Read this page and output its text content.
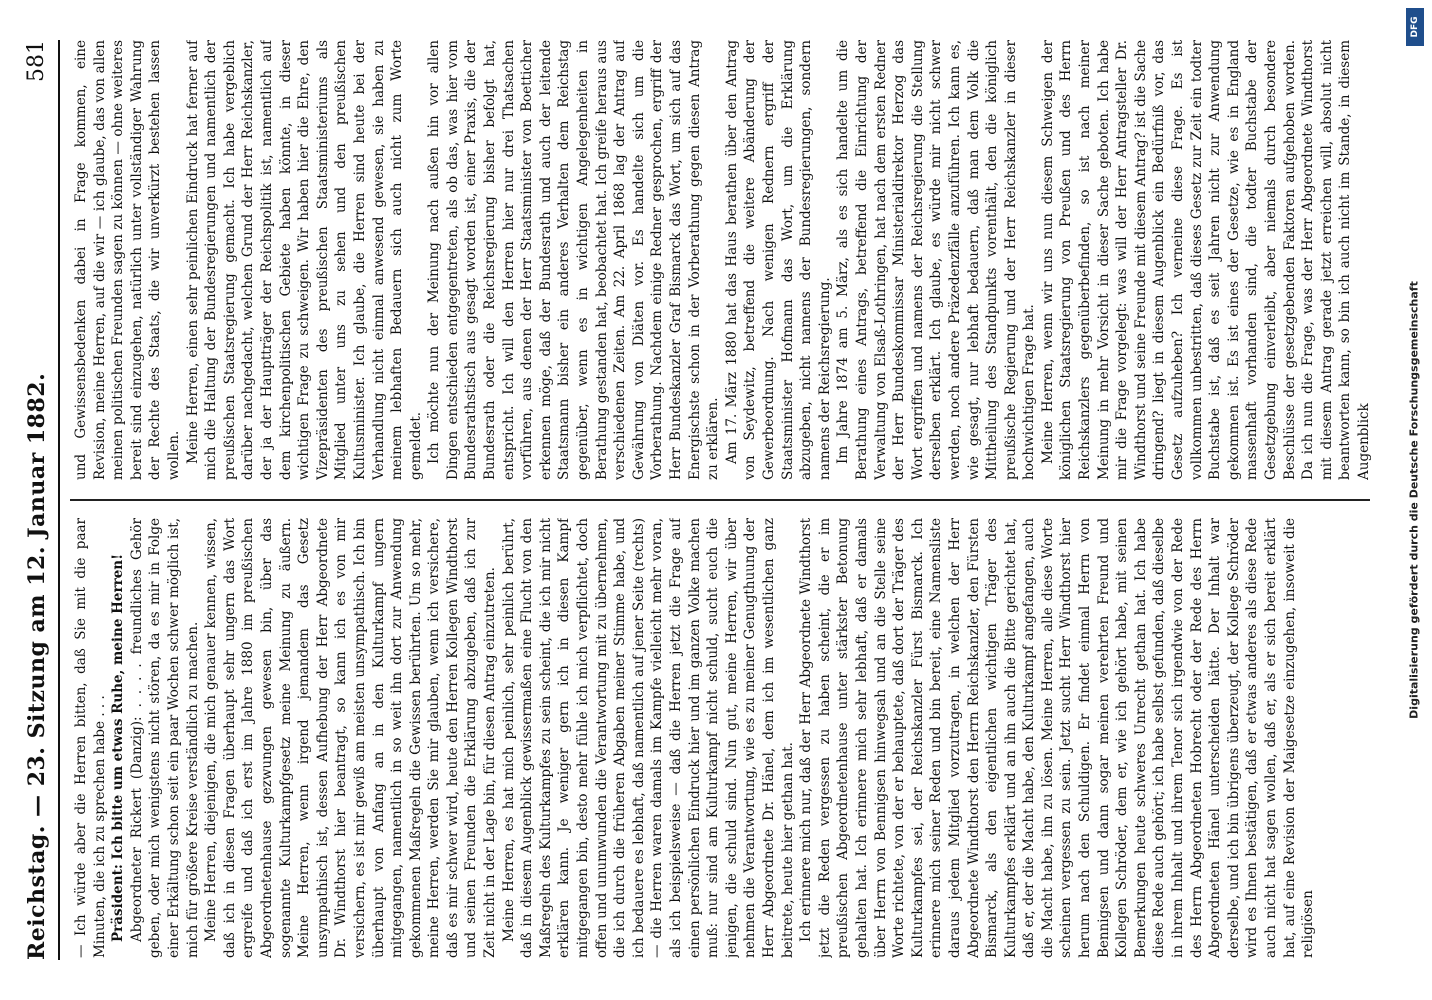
Reichstag. — 23. Sitzung am 12. Januar 1882.
581

— Ich würde aber die Herren bitten, daß Sie mit die paar Minuten, die ich zu sprechen habe . . . Präsident: Ich bitte um etwas Ruhe, meine Herren! Abgeordneter Rickert (Danzig): . . . . freundliches Gehör geben, oder mich wenigstens nicht stören, da es mir in Folge einer Erkältung schon seit ein paar Wochen schwer möglich ist, mich für größere Kreise verständlich zu machen. Meine Herren, diejenigen, die mich genauer kennen, wissen, daß ich in diesen Fragen überhaupt sehr ungern das Wort ergreife und daß ich erst im Jahre 1880 im preußischen Abgeordnetenhause gezwungen gewesen bin, über das sogenannte Kulturkampfgesetz meine Meinung zu äußern. Meine Herren, wenn irgend jemandem das Gesetz unsympathisch ist, dessen Aufhebung der Herr Abgeordnete Dr. Windthorst hier beantragt, so kann ich es von mir versichern, es ist mir gewiß am meisten unsympathisch. Ich bin überhaupt von Anfang an in den Kulturkampf ungern mitgegangen, namentlich in so weit ihn dort zur Anwendung gekommenen Maßregeln die Gewissen berührten. Um so mehr, meine Herren, werden Sie mir glauben, wenn ich versichere, daß es mir schwer wird, heute den Herren Kollegen Windthorst und seinen Freunden die Erklärung abzugeben, daß ich zur Zeit nicht in der Lage bin, für diesen Antrag einzutreten. Meine Herren, es hat mich peinlich, sehr peinlich berührt, daß in diesem Augenblick gewissermaßen eine Flucht von den Maßregeln des Kulturkampfes zu sein scheint, die ich mir nicht erklären kann. Je weniger gern ich in diesen Kampf mitgegangen bin, desto mehr fühle ich mich verpflichtet, doch offen und unumwunden die Verantwortung mit zu übernehmen, die ich durch die früheren Abgaben meiner Stimme habe, und ich bedauere es lebhaft, daß namentlich auf jener Seite (rechts) — die Herren waren damals im Kampfe vielleicht mehr voran, als ich beispielsweise — daß die Herren jetzt die Frage auf einen persönlichen Eindruck hier und im ganzen Volke machen muß: nur sind am Kulturkampf nicht schuld, sucht euch die jenigen, die schuld sind. Nun gut, meine Herren, wir über nehmen die Verantwortung, wie es zu meiner Genugthuung der Herr Abgeordnete Dr. Hänel, dem ich im wesentlichen ganz beitrete, heute hier gethan hat. Ich erinnere mich nur, daß der Herr Abgeordnete Windthorst jetzt die Reden vergessen zu haben scheint, die er im preußischen Abgeordnetenhause unter stärkster Betonung gehalten hat. Ich erinnere mich sehr lebhaft, daß er damals über Herrn von Bennigsen hinwegsah und an die Stelle seine Worte richtete, von der er behauptete, daß dort der Träger des Kulturkampfes sei, der Reichskanzler Fürst Bismarck. Ich erinnere mich seiner Reden und bin bereit, eine Namensliste daraus jedem Mitglied vorzutragen, in welchen der Herr Abgeordnete Windthorst den Herrn Reichskanzler, den Fürsten Bismarck, als den eigentlichen wichtigen Träger des Kulturkampfes erklärt und an ihn auch die Bitte gerichtet hat, daß er, der die Macht habe, den Kulturkampf angefangen, auch die Macht habe, ihn zu lösen. Meine Herren, alle diese Worte scheinen vergessen zu sein. Jetzt sucht Herr Windthorst hier herum nach den Schuldigen. Er findet einmal Herrn von Bennigsen und dann sogar meinen verehrten Freund und Kollegen Schröder, dem er, wie ich gehört habe, mit seinen Bemerkungen heute schweres Unrecht gethan hat. Ich habe diese Rede auch gehört; ich habe selbst gefunden, daß dieselbe in ihrem Inhalt und ihrem Tenor sich irgendwie von der Rede des Herrn Abgeordneten Hobrecht oder der Rede des Herrn Abgeordneten Hänel unterscheiden hätte. Der Inhalt war derselbe, und ich bin übrigens überzeugt, der Kollege Schröder wird es Ihnen bestätigen, daß er etwas anderes als diese Rede auch nicht hat sagen wollen, daß er, als er sich bereit erklärt hat, auf eine Revision der Maigesetze einzugehen, insoweit die religiösen

und Gewissensbedenken dabei in Frage kommen, eine Revision, meine Herren, auf die wir — ich glaube, das von allen meinen politischen Freunden sagen zu können — ohne weiteres bereit sind einzugehen, natürlich unter vollständiger Wahrung der Rechte des Staats, die wir unverkürzt bestehen lassen wollen. Meine Herren, einen sehr peinlichen Eindruck hat ferner auf mich die Haltung der Bundesregierungen und namentlich der preußischen Staatsregierung gemacht. Ich habe vergeblich darüber nachgedacht, welchen Grund der Herr Reichskanzler, der ja der Hauptträger der Reichspolitik ist, namentlich auf dem kirchenpolitischen Gebiete haben könnte, in dieser wichtigen Frage zu schweigen. Wir haben hier die Ehre, den Vizepräsidenten des preußischen Staatsministeriums als Mitglied unter uns zu sehen und den preußischen Kultusminister. Ich glaube, die Herren sind heute bei der Verhandlung nicht einmal anwesend gewesen, sie haben zu meinem lebhaften Bedauern sich auch nicht zum Worte gemeldet. Ich möchte nun der Meinung nach außen hin vor allen Dingen entschieden entgegentreten, als ob das, was hier vom Bundesrathstisch aus gesagt worden ist, einer Praxis, die der Bundesrath oder die Reichsregierung bisher befolgt hat, entspricht. Ich will den Herren hier nur drei Thatsachen vorführen, aus denen der Herr Staatsminister von Boetticher erkennen möge, daß der Bundesrath und auch der leitende Staatsmann bisher ein anderes Verhalten dem Reichstag gegenüber, wenn es in wichtigen Angelegenheiten in Berathung gestanden hat, beobachtet hat. Ich greife heraus aus verschiedenen Zeiten. Am 22. April 1868 lag der Antrag auf Gewährung von Diäten vor. Es handelte sich um die Vorberathung. Nachdem einige Redner gesprochen, ergriff der Herr Bundeskanzler Graf Bismarck das Wort, um sich auf das Energischste schon in der Vorberathung gegen diesen Antrag zu erklären. Am 17. März 1880 hat das Haus berathen über den Antrag von Seydewitz, betreffend die weitere Abänderung der Gewerbeordnung. Nach wenigen Rednern ergriff der Staatsminister Hofmann das Wort, um die Erklärung abzugeben, nicht namens der Bundesregierungen, sondern namens der Reichsregierung. Im Jahre 1874 am 5. März, als es sich handelte um die Berathung eines Antrags, betreffend die Einrichtung der Verwaltung von Elsaß-Lothringen, hat nach dem ersten Redner der Herr Bundeskommissar Ministerialdirektor Herzog das Wort ergriffen und namens der Reichsregierung die Stellung derselben erklärt. Ich glaube, es würde mir nicht schwer werden, noch andere Präzedenzfälle anzuführen. Ich kann es, wie gesagt, nur lebhaft bedauern, daß man dem Volk die Mittheilung des Standpunkts vorenthält, den die königlich preußische Regierung und der Herr Reichskanzler in dieser hochwichtigen Frage hat. Meine Herren, wenn wir uns nun diesem Schweigen der königlichen Staatsregierung von Preußen und des Herrn Reichskanzlers gegenüberbefinden, so ist nach meiner Meinung in mehr Vorsicht in dieser Sache geboten. Ich habe mir die Frage vorgelegt: was will der Herr Antragsteller Dr. Windthorst und seine Freunde mit diesem Antrag? ist die Sache dringend? liegt in diesem Augenblick ein Bedürfniß vor, das Gesetz aufzuheben? Ich verneine diese Frage. Es ist vollkommen unbestritten, daß dieses Gesetz zur Zeit ein todter Buchstabe ist, daß es seit Jahren nicht zur Anwendung gekommen ist. Es ist eines der Gesetze, wie es in England massenhaft vorhanden sind, die todter Buchstabe der Gesetzgebung einverleibt, aber niemals durch besondere Beschlüsse der gesetzgebenden Faktoren aufgehoben worden. Da ich nun die Frage, was der Herr Abgeordnete Windthorst mit diesem Antrag gerade jetzt erreichen will, absolut nicht beantworten kann, so bin ich auch nicht im Stande, in diesem Augenblick

DFG
Digitalisierung gefördert durch die Deutsche Forschungsgemeinschaft
